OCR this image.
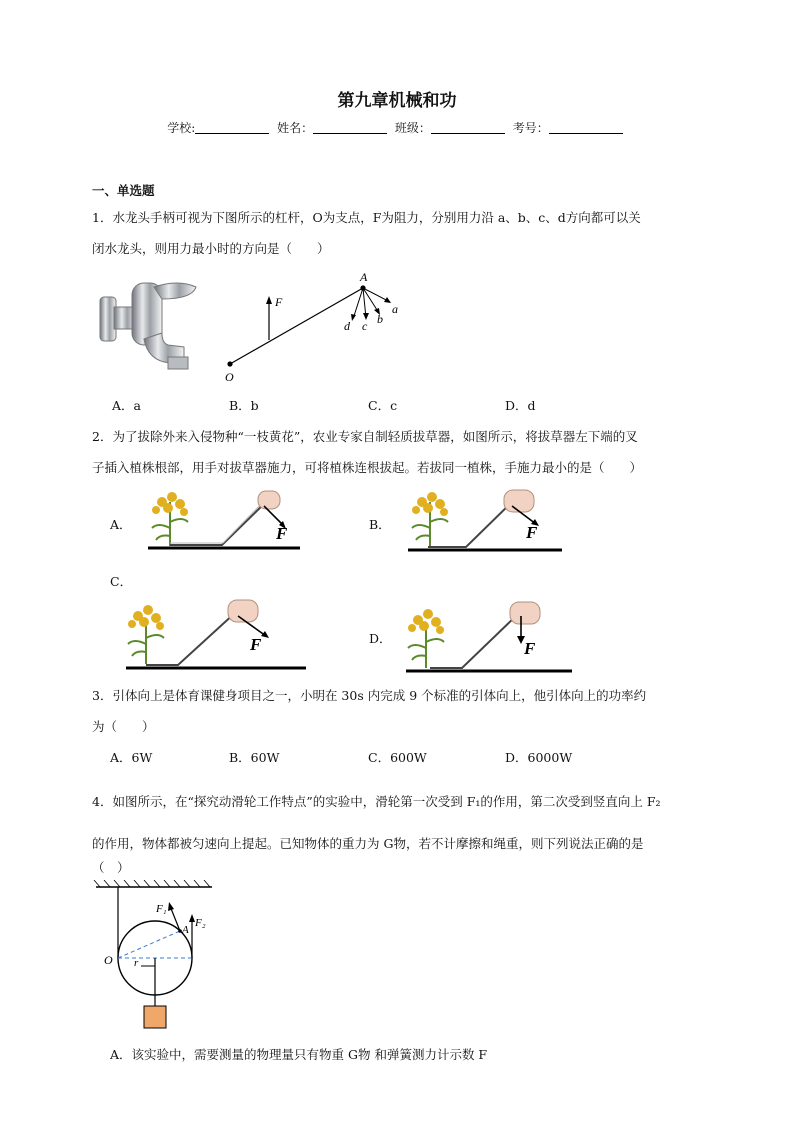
第九章机械和功
学校:	姓名：	班级：	考号：
一、单选题
1．水龙头手柄可视为下图所示的杠杆，O为支点，F为阻力，分别用力沿 a、b、c、d方向都可以关
闭水龙头，则用力最小时的方向是（　　）
A
F
O
a
b
c
d
A．a	B．b	C．c	D．d
2．为了拔除外来入侵物种“一枝黄花”，农业专家自制轻质拔草器，如图所示，将拔草器左下端的叉
子插入植株根部，用手对拔草器施力，可将植株连根拔起。若拔同一植株，手施力最小的是（　　）
A．	B．
C．
D．
F	F
F	F
3．引体向上是体育课健身项目之一，小明在 30s 内完成 9 个标准的引体向上，他引体向上的功率约
为（　　）
A．6W	B．60W	C．600W	D．6000W
4．如图所示，在“探究动滑轮工作特点”的实验中，滑轮第一次受到 F₁的作用，第二次受到竖直向上 F₂
的作用，物体都被匀速向上提起。已知物体的重力为 G物，若不计摩擦和绳重，则下列说法正确的是
（　）
F₁
F₂
A
O r
A．该实验中，需要测量的物理量只有物重 G物 和弹簧测力计示数 F
